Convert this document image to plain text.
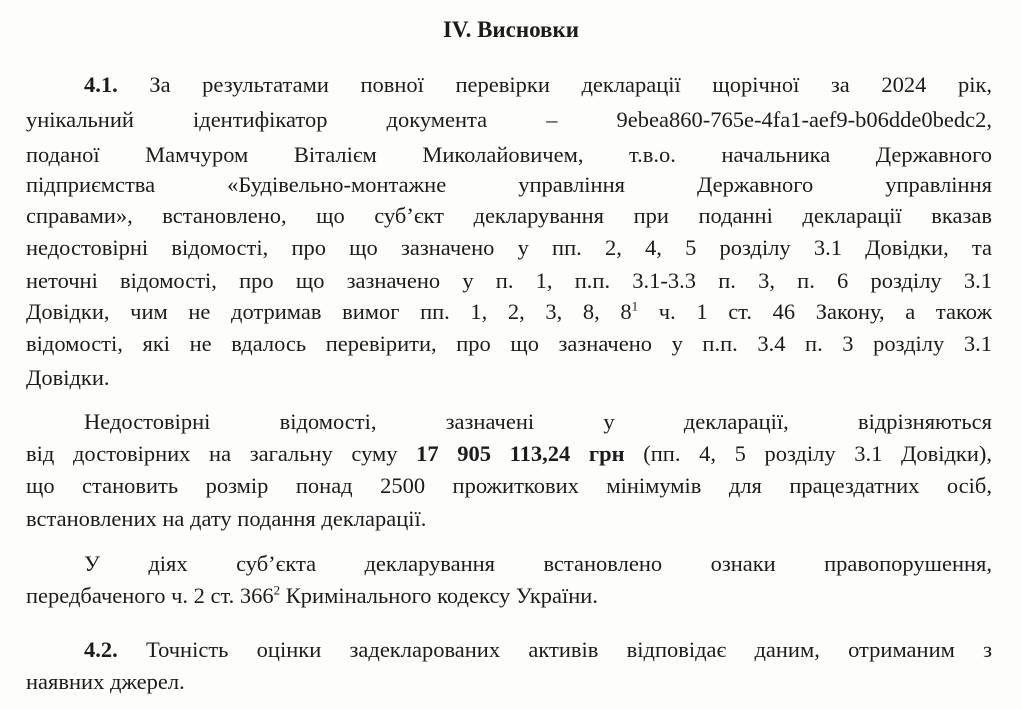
IV. Висновки
4.1. За результатами повної перевірки декларації щорічної за 2024 рік,
унікальний ідентифікатор документа – 9ebea860-765e-4fa1-aef9-b06dde0bedc2,
поданої Мамчуром Віталієм Миколайовичем, т.в.о. начальника Державного
підприємства «Будівельно-монтажне управління Державного управління
справами», встановлено, що суб’єкт декларування при поданні декларації вказав
недостовірні відомості, про що зазначено у пп. 2, 4, 5 розділу 3.1 Довідки, та
неточні відомості, про що зазначено у п. 1, п.п. 3.1-3.3 п. 3, п. 6 розділу 3.1
Довідки, чим не дотримав вимог пп. 1, 2, 3, 8, $8^1$ ч. 1 ст. 46 Закону, а також
відомості, які не вдалось перевірити, про що зазначено у п.п. 3.4 п. 3 розділу 3.1
Довідки.
Недостовірні відомості, зазначені у декларації, відрізняються
від достовірних на загальну суму 17 905 113,24 грн (пп. 4, 5 розділу 3.1 Довідки),
що становить розмір понад 2500 прожиткових мінімумів для працездатних осіб,
встановлених на дату подання декларації.
У діях суб’єкта декларування встановлено ознаки правопорушення,
передбаченого ч. 2 ст. $366^2$ Кримінального кодексу України.
4.2. Точність оцінки задекларованих активів відповідає даним, отриманим з
наявних джерел.
